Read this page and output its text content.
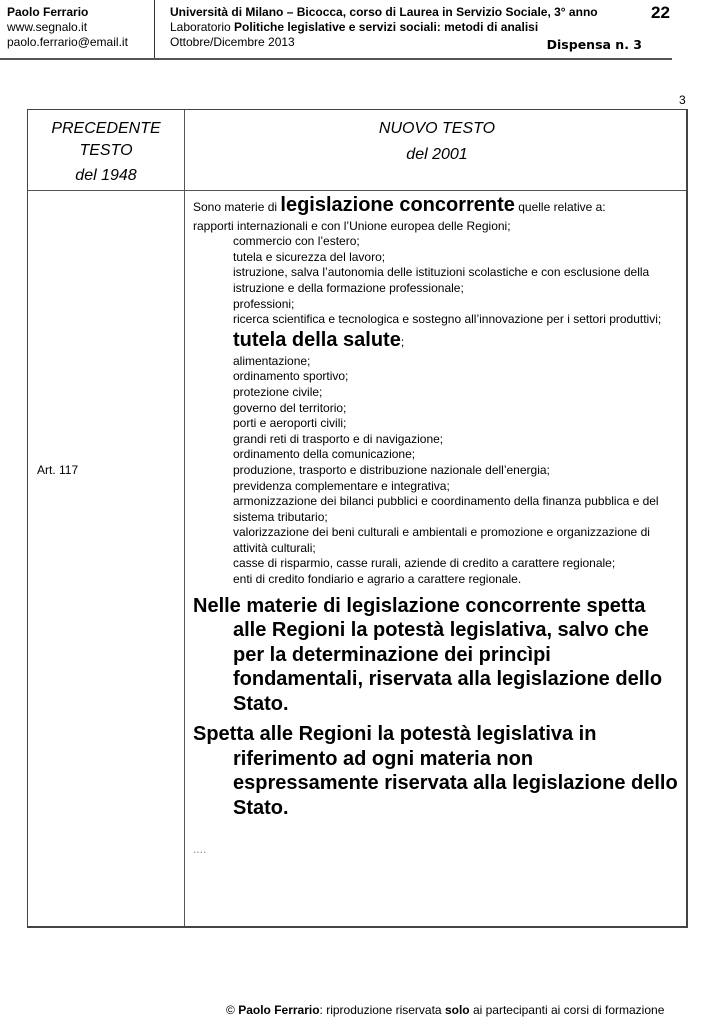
Paolo Ferrario
www.segnalo.it
paolo.ferrario@email.it
Università di Milano – Bicocca, corso di Laurea in Servizio Sociale, 3° anno
Laboratorio Politiche legislative e servizi sociali: metodi di analisi
Ottobre/Dicembre 2013
22
Dispensa n. 3
3
PRECEDENTE
TESTO
del 1948
NUOVO TESTO
del 2001
Art. 117
Sono materie di legislazione concorrente quelle relative a:
rapporti internazionali e con l’Unione europea delle Regioni;
commercio con l’estero;
tutela e sicurezza del lavoro;
istruzione, salva l’autonomia delle istituzioni scolastiche e con esclusione della istruzione e della formazione professionale;
professioni;
ricerca scientifica e tecnologica e sostegno all’innovazione per i settori produttivi;
tutela della salute;
alimentazione;
ordinamento sportivo;
protezione civile;
governo del territorio;
porti e aeroporti civili;
grandi reti di trasporto e di navigazione;
ordinamento della comunicazione;
produzione, trasporto e distribuzione nazionale dell’energia;
previdenza complementare e integrativa;
armonizzazione dei bilanci pubblici e coordinamento della finanza pubblica e del sistema tributario;
valorizzazione dei beni culturali e ambientali e promozione e organizzazione di attività culturali;
casse di risparmio, casse rurali, aziende di credito a carattere regionale;
enti di credito fondiario e agrario a carattere regionale.
Nelle materie di legislazione concorrente spetta alle Regioni la potestà legislativa, salvo che per la determinazione dei princìpi fondamentali, riservata alla legislazione dello Stato.
Spetta alle Regioni la potestà legislativa in riferimento ad ogni materia non espressamente riservata alla legislazione dello Stato.
....
© Paolo Ferrario: riproduzione riservata solo ai partecipanti ai corsi di formazione
